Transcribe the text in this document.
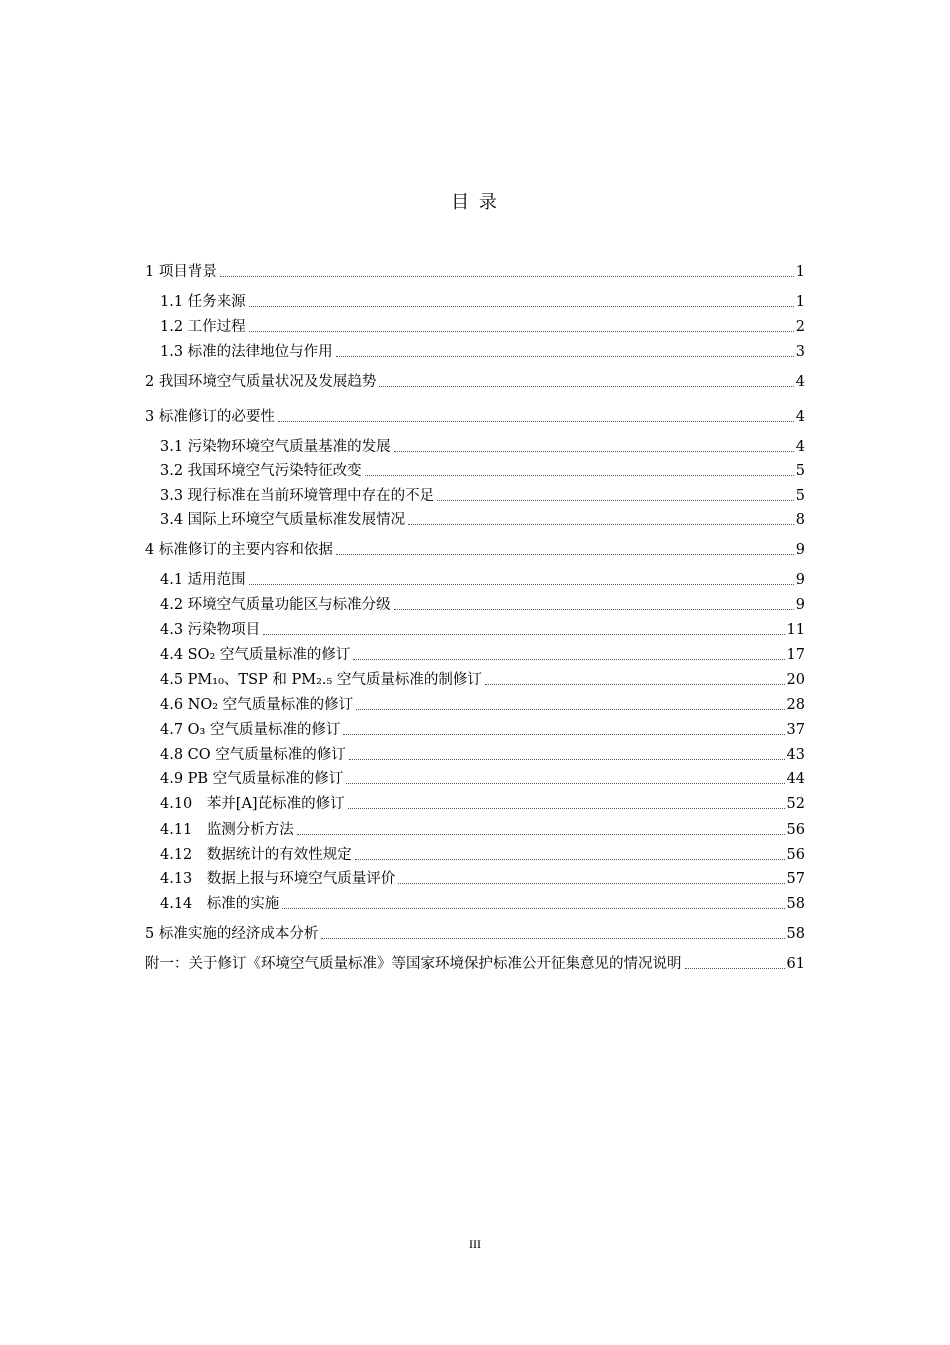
目 录
1 项目背景	1
1.1 任务来源	1
1.2 工作过程	2
1.3 标准的法律地位与作用	3
2 我国环境空气质量状况及发展趋势	4
3 标准修订的必要性	4
3.1 污染物环境空气质量基准的发展	4
3.2 我国环境空气污染特征改变	5
3.3 现行标准在当前环境管理中存在的不足	5
3.4 国际上环境空气质量标准发展情况	8
4 标准修订的主要内容和依据	9
4.1 适用范围	9
4.2 环境空气质量功能区与标准分级	9
4.3 污染物项目	11
4.4 SO₂ 空气质量标准的修订	17
4.5 PM₁₀、TSP 和 PM₂.₅ 空气质量标准的制修订	20
4.6 NO₂ 空气质量标准的修订	28
4.7 O₃ 空气质量标准的修订	37
4.8 CO 空气质量标准的修订	43
4.9 PB 空气质量标准的修订	44
4.10　苯并[A]芘标准的修订	52
4.11　监测分析方法	56
4.12　数据统计的有效性规定	56
4.13　数据上报与环境空气质量评价	57
4.14　标准的实施	58
5 标准实施的经济成本分析	58
附一：关于修订《环境空气质量标准》等国家环境保护标准公开征集意见的情况说明	61
III
